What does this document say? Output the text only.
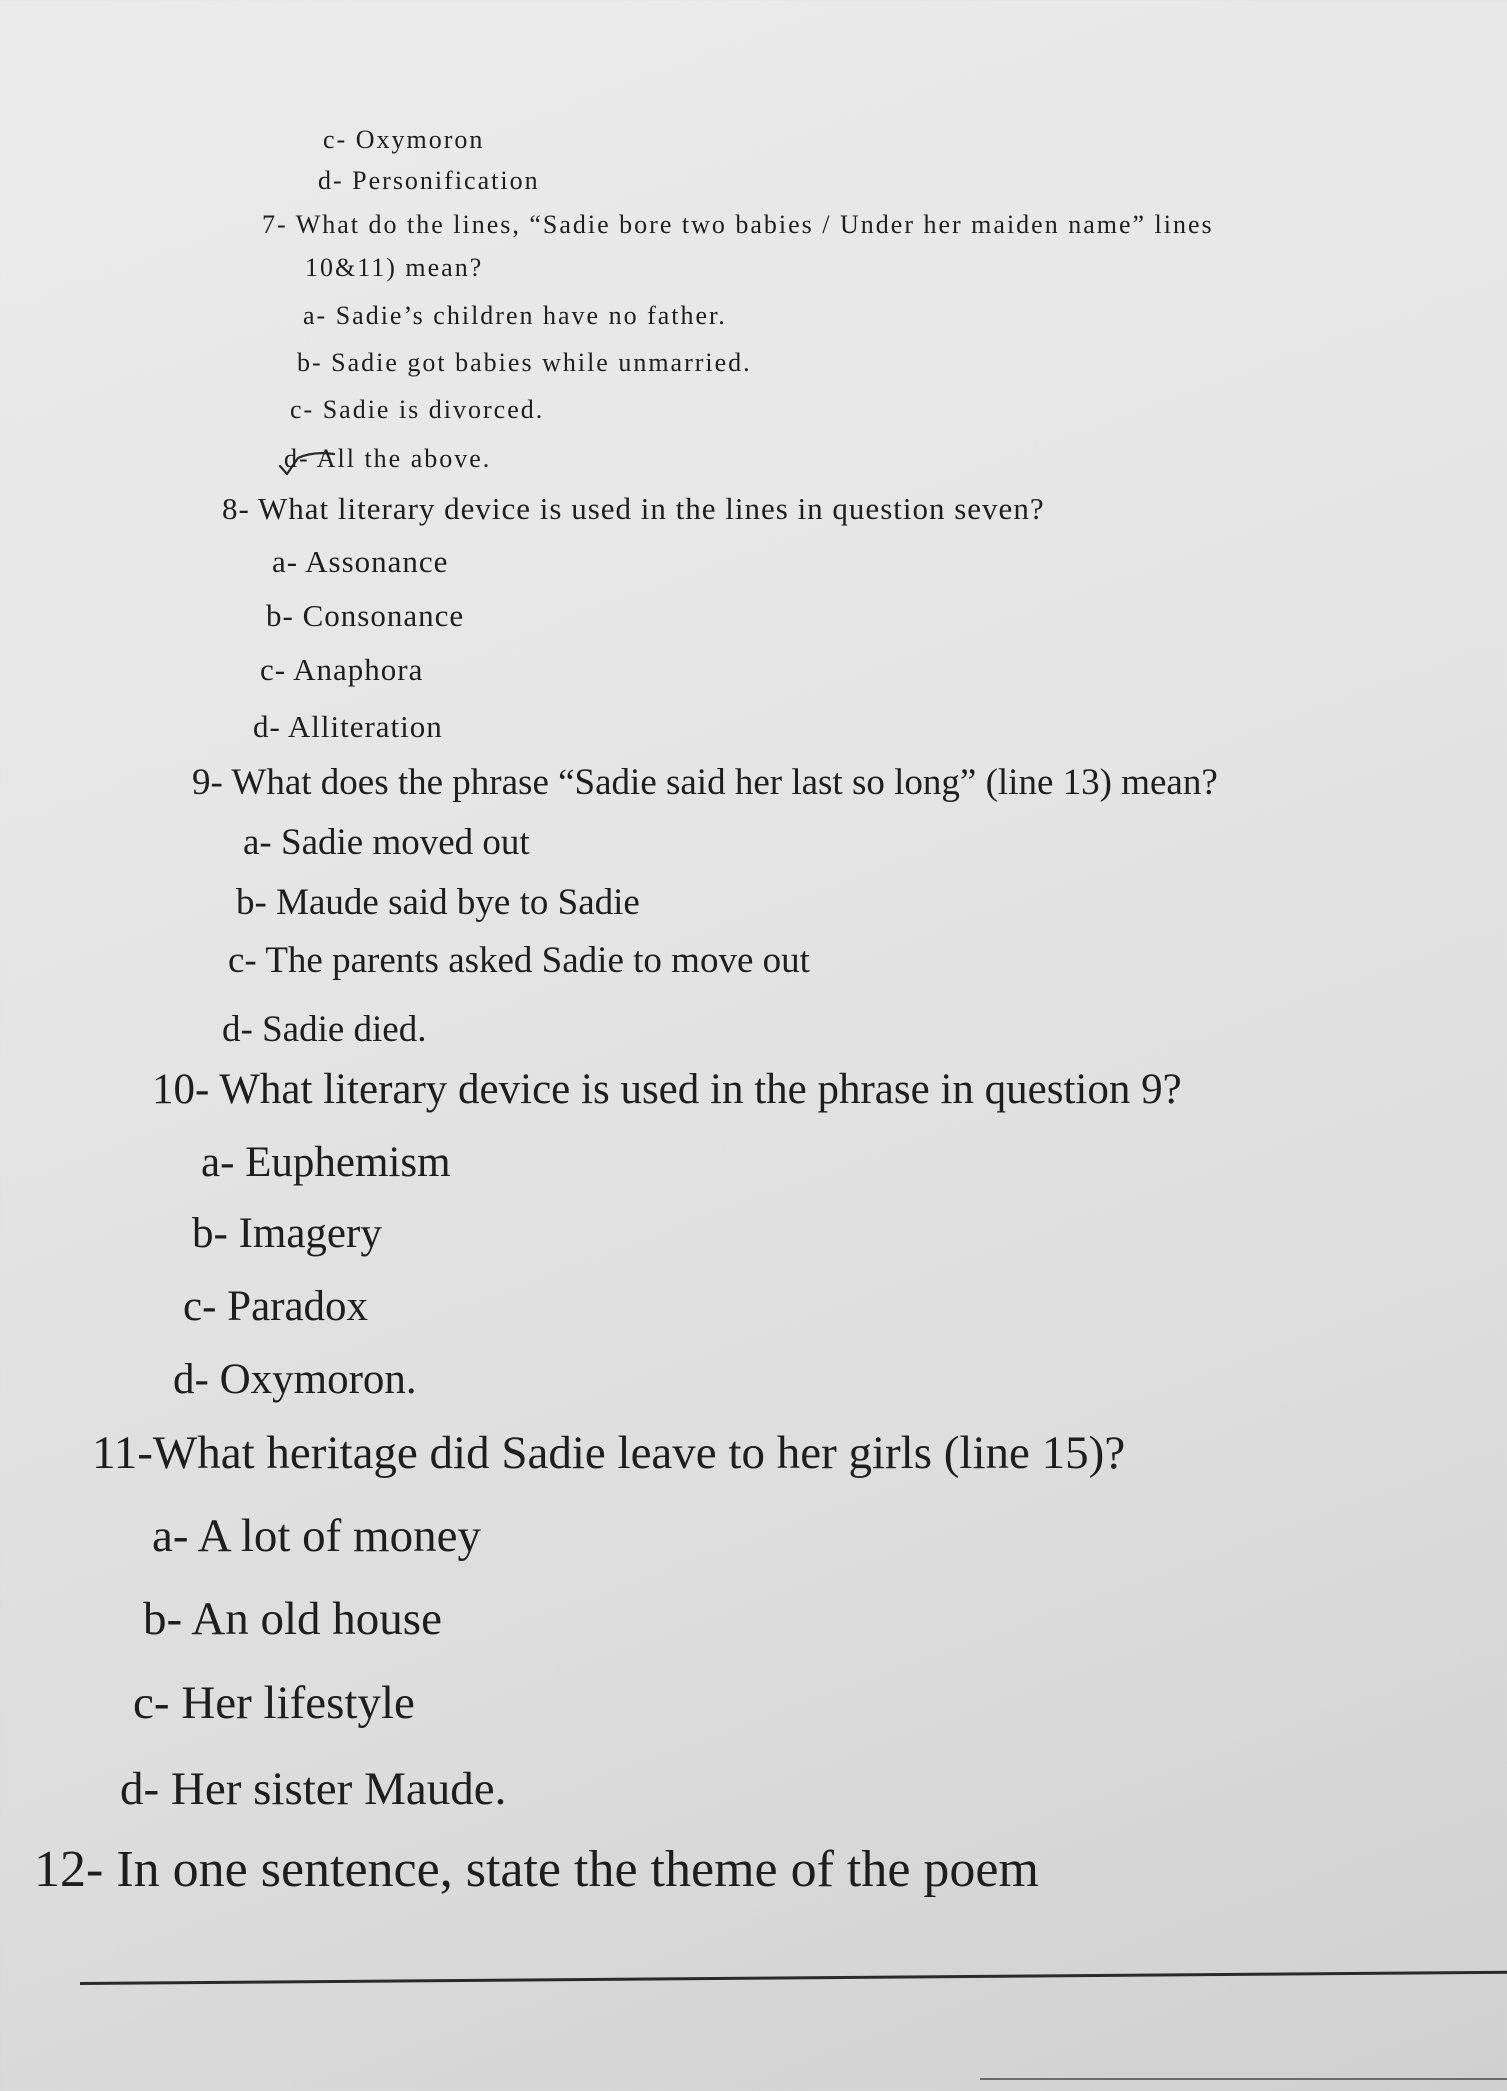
c- Oxymoron
d- Personification
7- What do the lines, “Sadie bore two babies / Under her maiden name” lines
10&11) mean?
a- Sadie’s children have no father.
b- Sadie got babies while unmarried.
c- Sadie is divorced.
d- All the above.
8- What literary device is used in the lines in question seven?
a- Assonance
b- Consonance
c- Anaphora
d- Alliteration
9- What does the phrase “Sadie said her last so long” (line 13) mean?
a- Sadie moved out
b- Maude said bye to Sadie
c- The parents asked Sadie to move out
d- Sadie died.
10- What literary device is used in the phrase in question 9?
a- Euphemism
b- Imagery
c- Paradox
d- Oxymoron.
11-What heritage did Sadie leave to her girls (line 15)?
a- A lot of money
b- An old house
c- Her lifestyle
d- Her sister Maude.
12- In one sentence, state the theme of the poem
